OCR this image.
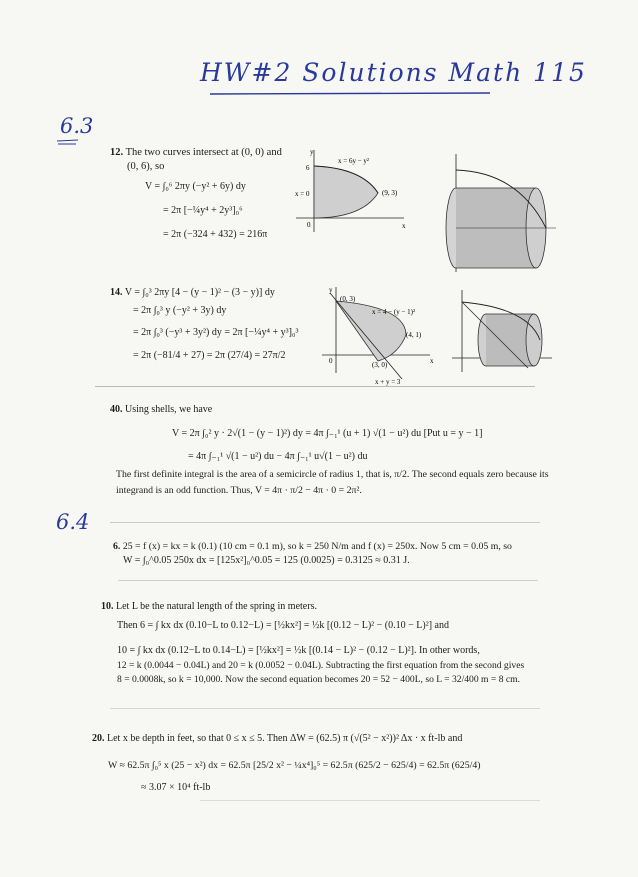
HW#2 Solutions Math 115
6.3
12. The two curves intersect at (0, 0) and
(0, 6), so
V = ∫₀⁶ 2πy (−y² + 6y) dy
= 2π [−¼y⁴ + 2y³]₀⁶
= 2π (−324 + 432) = 216π
x = 6y − y²
(9, 3)
x = 0
6
y
x
0
14. V = ∫₀³ 2πy [4 − (y − 1)² − (3 − y)] dy
= 2π ∫₀³ y (−y² + 3y) dy
= 2π ∫₀³ (−y³ + 3y²) dy = 2π [−¼y⁴ + y³]₀³
= 2π (−81/4 + 27) = 2π (27/4) = 27π/2
(0, 3)
x = 4 − (y − 1)²
(4, 1)
(3, 0)
x + y = 3
y
x
0
40. Using shells, we have
V = 2π ∫₀² y · 2√(1 − (y − 1)²) dy = 4π ∫₋₁¹ (u + 1) √(1 − u²) du [Put u = y − 1]
= 4π ∫₋₁¹ √(1 − u²) du − 4π ∫₋₁¹ u√(1 − u²) du
The first definite integral is the area of a semicircle of radius 1, that is, π/2. The second equals zero because its
integrand is an odd function. Thus, V = 4π · π/2 − 4π · 0 = 2π².
6.4
6. 25 = f (x) = kx = k (0.1) (10 cm = 0.1 m), so k = 250 N/m and f (x) = 250x. Now 5 cm = 0.05 m, so
W = ∫₀^0.05 250x dx = [125x²]₀^0.05 = 125 (0.0025) = 0.3125 ≈ 0.31 J.
10. Let L be the natural length of the spring in meters.
Then 6 = ∫ kx dx (0.10−L to 0.12−L) = [½kx²] = ½k [(0.12 − L)² − (0.10 − L)²] and
10 = ∫ kx dx (0.12−L to 0.14−L) = [½kx²] = ½k [(0.14 − L)² − (0.12 − L)²]. In other words,
12 = k (0.0044 − 0.04L) and 20 = k (0.0052 − 0.04L). Subtracting the first equation from the second gives
8 = 0.0008k, so k = 10,000. Now the second equation becomes 20 = 52 − 400L, so L = 32/400 m = 8 cm.
20. Let x be depth in feet, so that 0 ≤ x ≤ 5. Then ΔW = (62.5) π (√(5² − x²))² Δx · x ft-lb and
W ≈ 62.5π ∫₀⁵ x (25 − x²) dx = 62.5π [25/2 x² − ¼x⁴]₀⁵ = 62.5π (625/2 − 625/4) = 62.5π (625/4)
≈ 3.07 × 10⁴ ft-lb
